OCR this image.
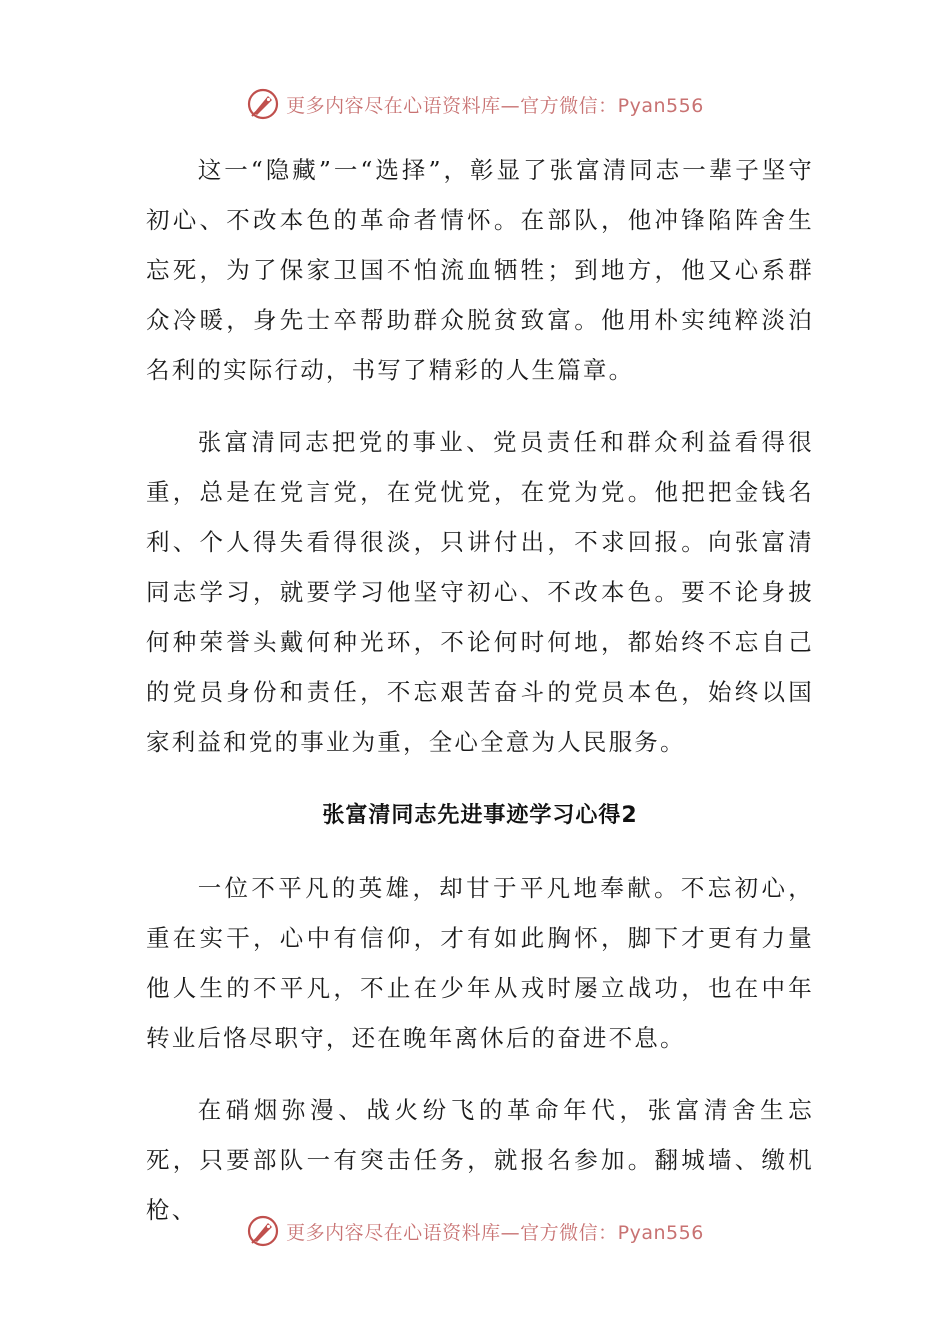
更多内容尽在心语资料库—官方微信：Pyan556

这一“隐藏”一“选择”，彰显了张富清同志一辈子坚守初心、不改本色的革命者情怀。在部队，他冲锋陷阵舍生忘死，为了保家卫国不怕流血牺牲；到地方，他又心系群众冷暖，身先士卒帮助群众脱贫致富。他用朴实纯粹淡泊名利的实际行动，书写了精彩的人生篇章。

张富清同志把党的事业、党员责任和群众利益看得很重，总是在党言党，在党忧党，在党为党。他把把金钱名利、个人得失看得很淡，只讲付出，不求回报。向张富清同志学习，就要学习他坚守初心、不改本色。要不论身披何种荣誉头戴何种光环，不论何时何地，都始终不忘自己的党员身份和责任，不忘艰苦奋斗的党员本色，始终以国家利益和党的事业为重，全心全意为人民服务。

张富清同志先进事迹学习心得2

一位不平凡的英雄，却甘于平凡地奉献。不忘初心，重在实干，心中有信仰，才有如此胸怀，脚下才更有力量他人生的不平凡，不止在少年从戎时屡立战功，也在中年转业后恪尽职守，还在晚年离休后的奋进不息。

在硝烟弥漫、战火纷飞的革命年代，张富清舍生忘死，只要部队一有突击任务，就报名参加。翻城墙、缴机枪、

更多内容尽在心语资料库—官方微信：Pyan556
